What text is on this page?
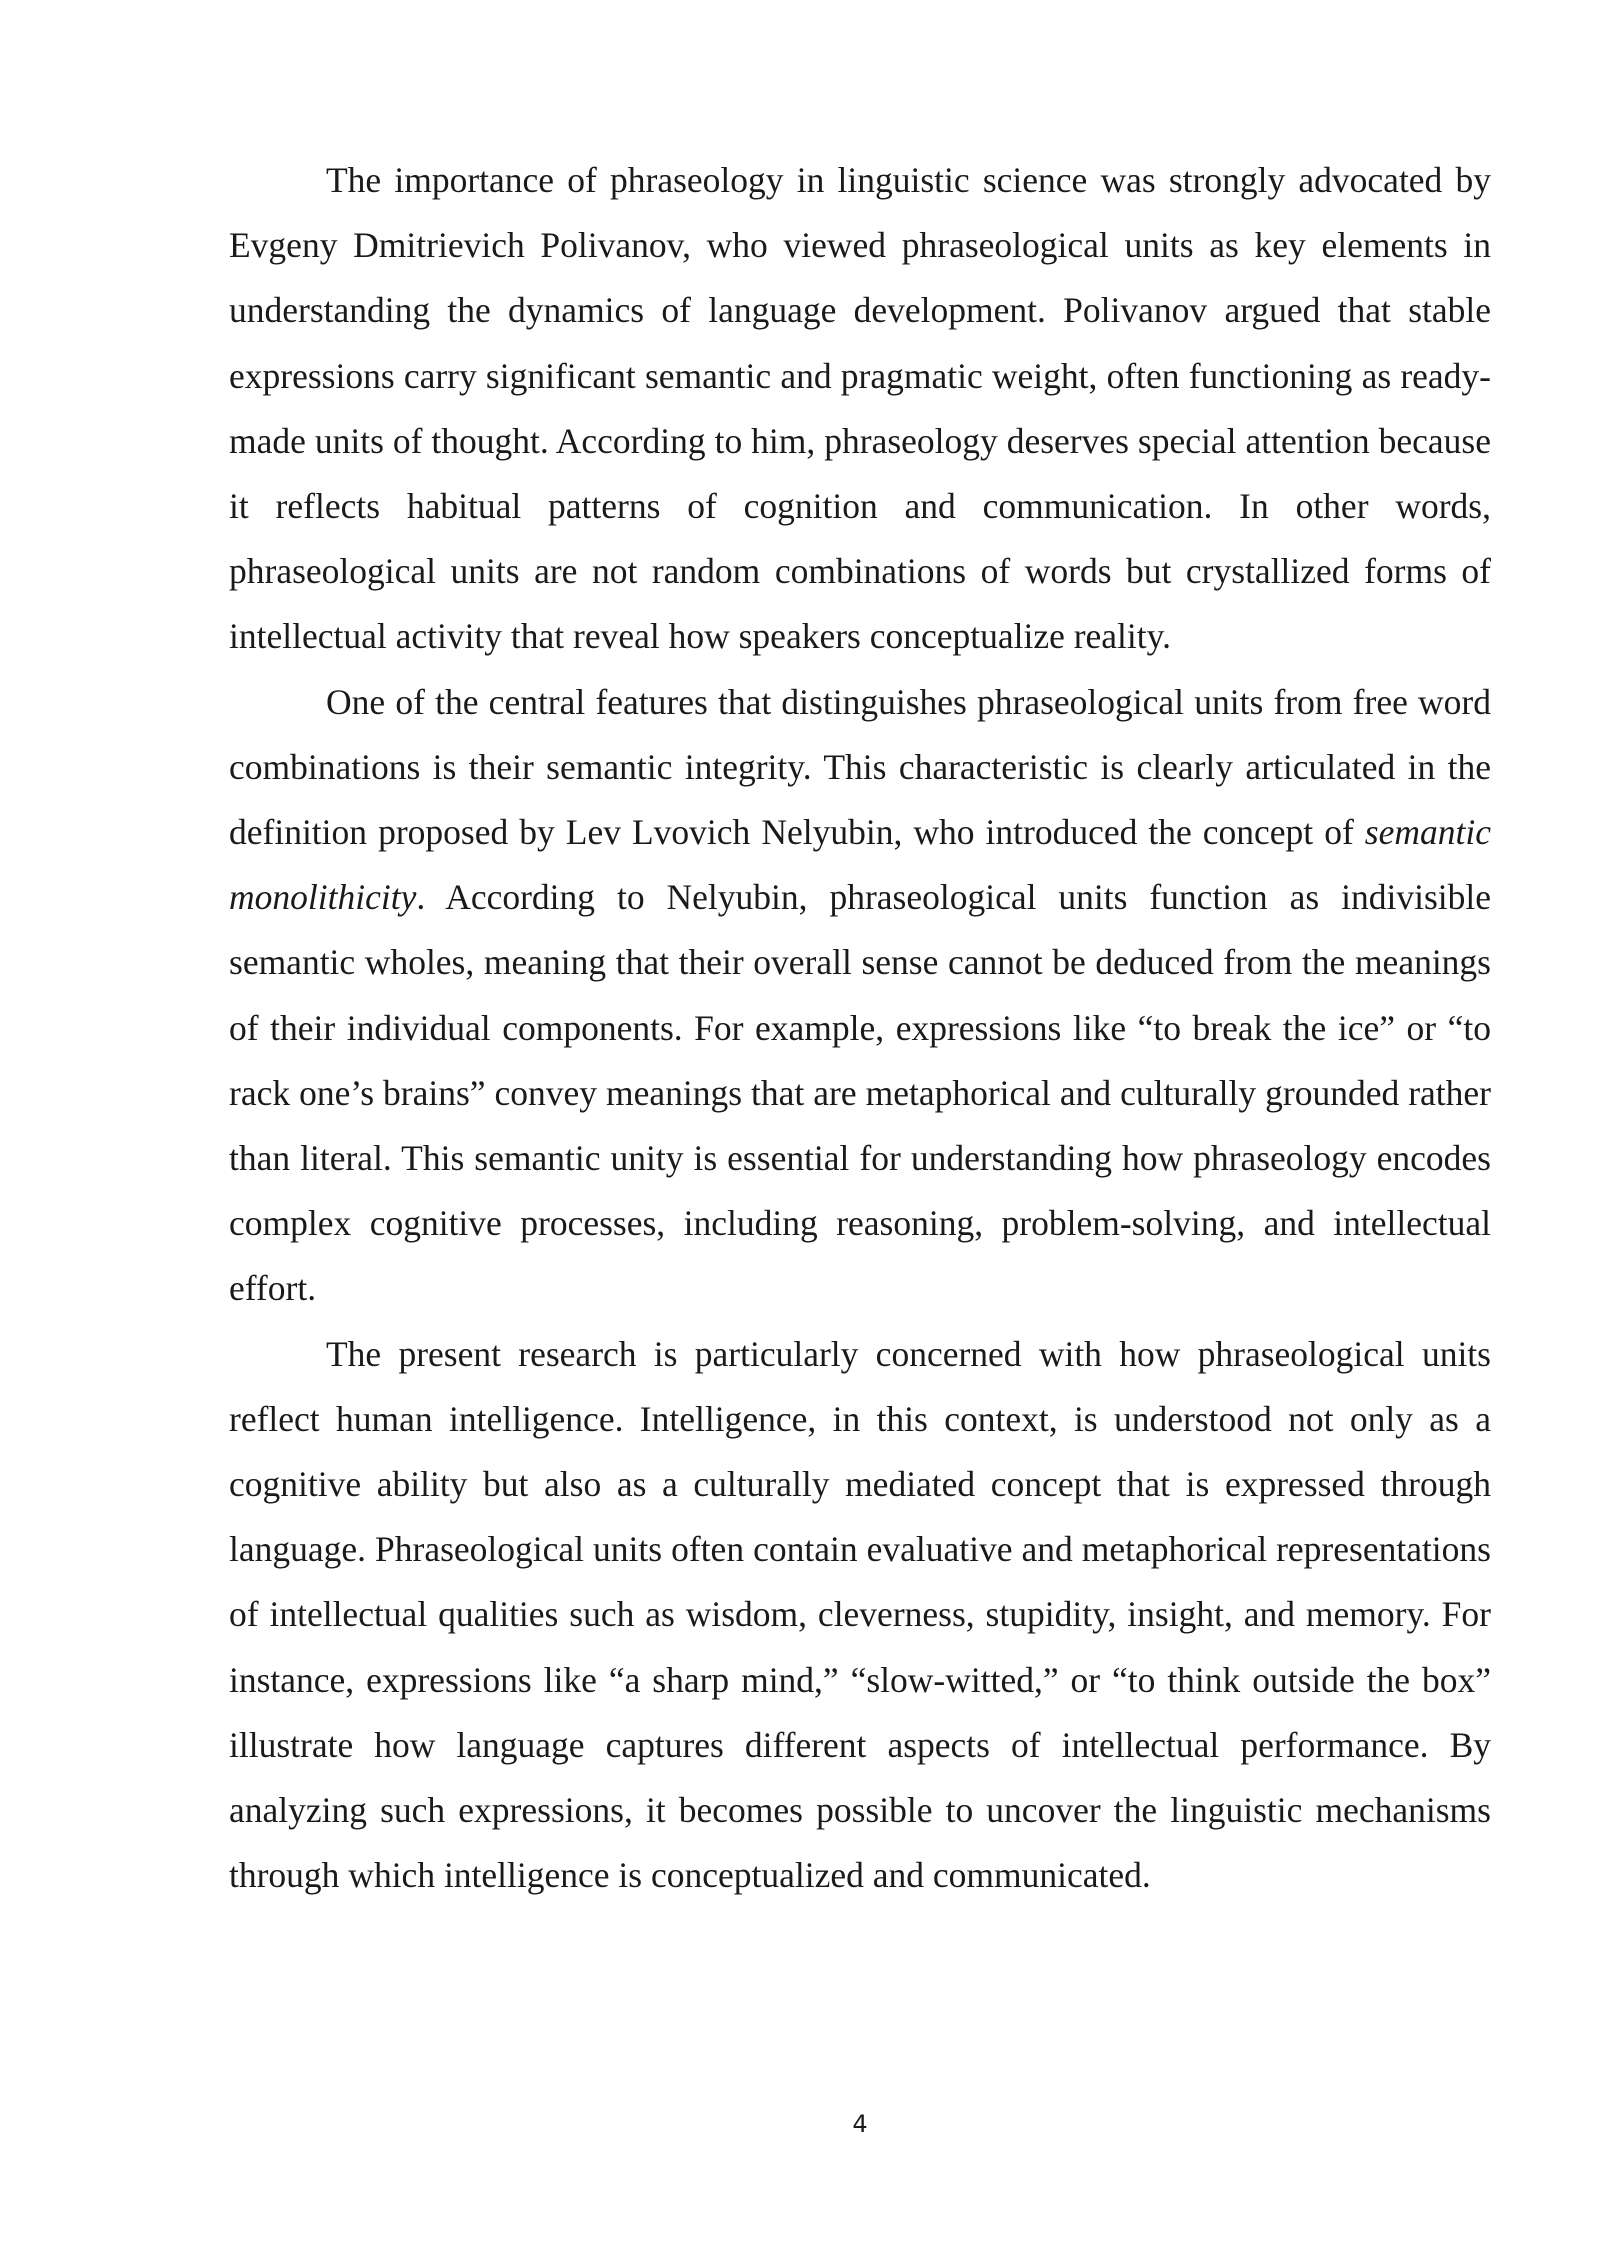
The importance of phraseology in linguistic science was strongly advocated by Evgeny Dmitrievich Polivanov, who viewed phraseological units as key elements in understanding the dynamics of language development. Polivanov argued that stable expressions carry significant semantic and pragmatic weight, often functioning as ready-made units of thought. According to him, phraseology deserves special attention because it reflects habitual patterns of cognition and communication. In other words, phraseological units are not random combinations of words but crystallized forms of intellectual activity that reveal how speakers conceptualize reality.

One of the central features that distinguishes phraseological units from free word combinations is their semantic integrity. This characteristic is clearly articulated in the definition proposed by Lev Lvovich Nelyubin, who introduced the concept of semantic monolithicity. According to Nelyubin, phraseological units function as indivisible semantic wholes, meaning that their overall sense cannot be deduced from the meanings of their individual components. For example, expressions like “to break the ice” or “to rack one’s brains” convey meanings that are metaphorical and culturally grounded rather than literal. This semantic unity is essential for understanding how phraseology encodes complex cognitive processes, including reasoning, problem-solving, and intellectual effort.

The present research is particularly concerned with how phraseological units reflect human intelligence. Intelligence, in this context, is understood not only as a cognitive ability but also as a culturally mediated concept that is expressed through language. Phraseological units often contain evaluative and metaphorical representations of intellectual qualities such as wisdom, cleverness, stupidity, insight, and memory. For instance, expressions like “a sharp mind,” “slow-witted,” or “to think outside the box” illustrate how language captures different aspects of intellectual performance. By analyzing such expressions, it becomes possible to uncover the linguistic mechanisms through which intelligence is conceptualized and communicated.

4
